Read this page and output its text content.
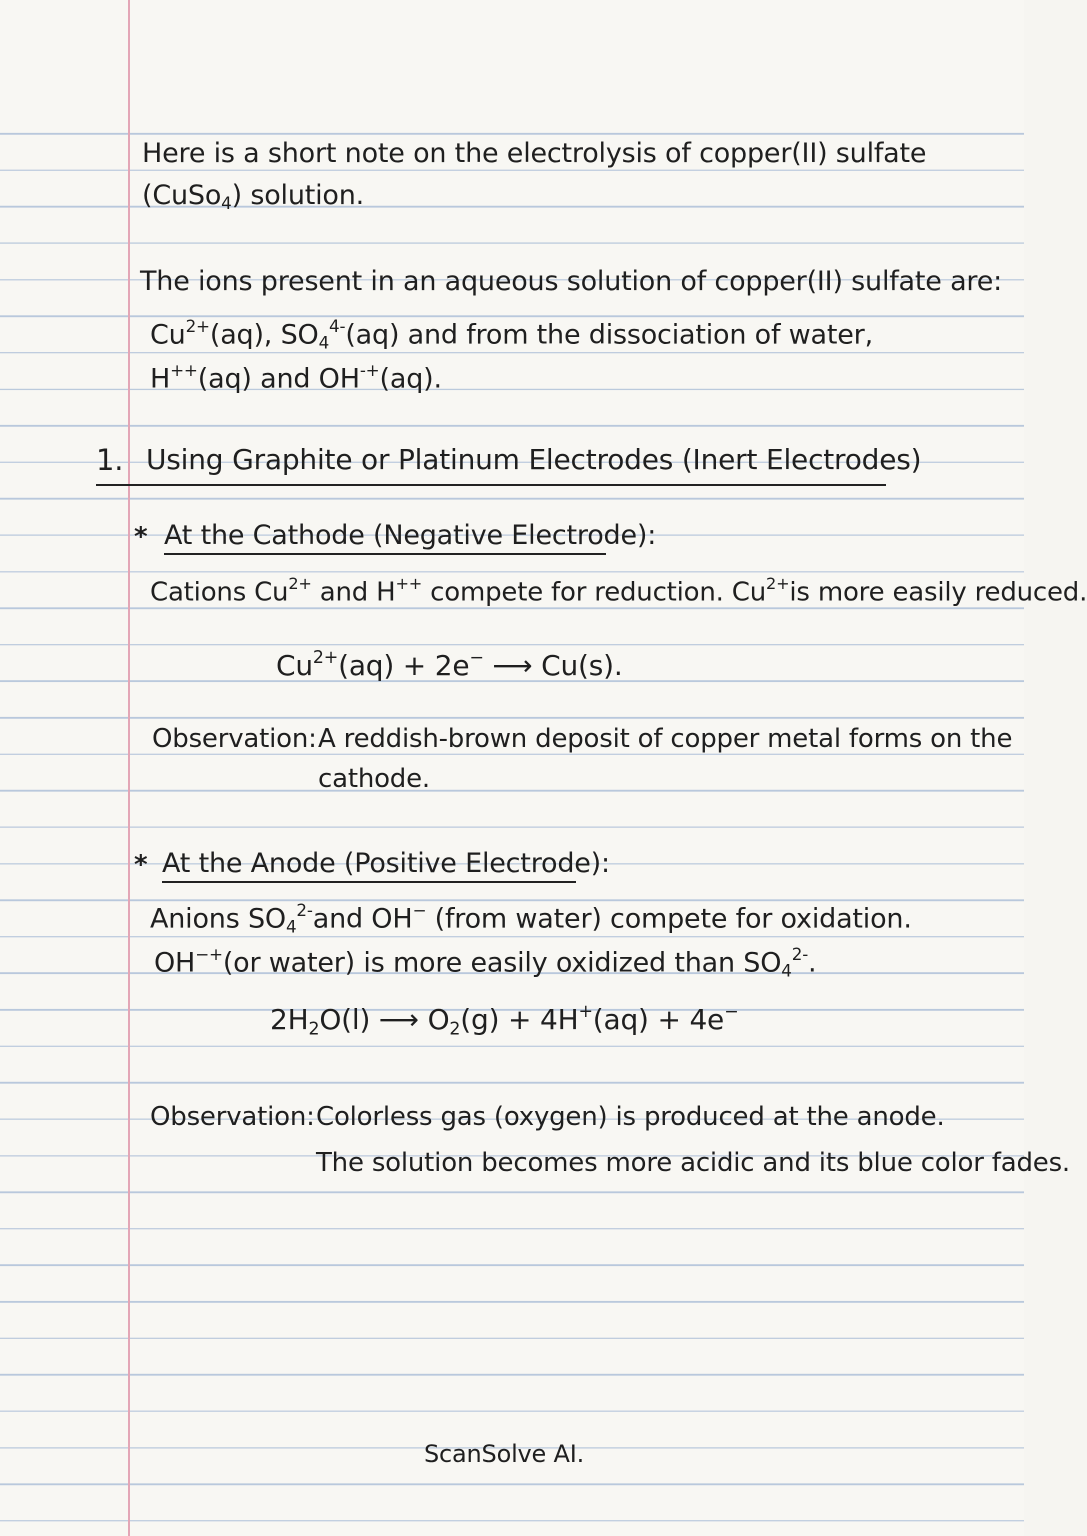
Here is a short note on the electrolysis of copper(II) sulfate
(CuSo$_4$) solution.
The ions present in an aqueous solution of copper(II) sulfate are:
$Cu^{2+}(aq)$, $SO_4^{4-}(aq)$ and from the dissociation of water,
H++(aq) and OH-+(aq).
1. Using Graphite or Platinum Electrodes (Inert Electrodes)
* At the Cathode (Negative Electrode):
Cations $Cu^{2+}$ and H++ compete for reduction. $Cu^{2+}is$ more easily reduced.
$Cu^{2+}(aq) + 2e^-$ ⟶ Cu(s).
Observation: A reddish-brown deposit of copper metal forms on the
cathode.
* At the Anode (Positive Electrode):
Anions $SO_4^{2-}and$ OH− (from water) compete for oxidation.
OH−+(or water) is more easily oxidized than $SO_4^{2-}$.
$2H_2O(l)$ ⟶ $O_2(g) + 4H^+(aq) + 4e^-$
Observation: Colorless gas (oxygen) is produced at the anode.
The solution becomes more acidic and its blue color fades.
ScanSolve AI.
